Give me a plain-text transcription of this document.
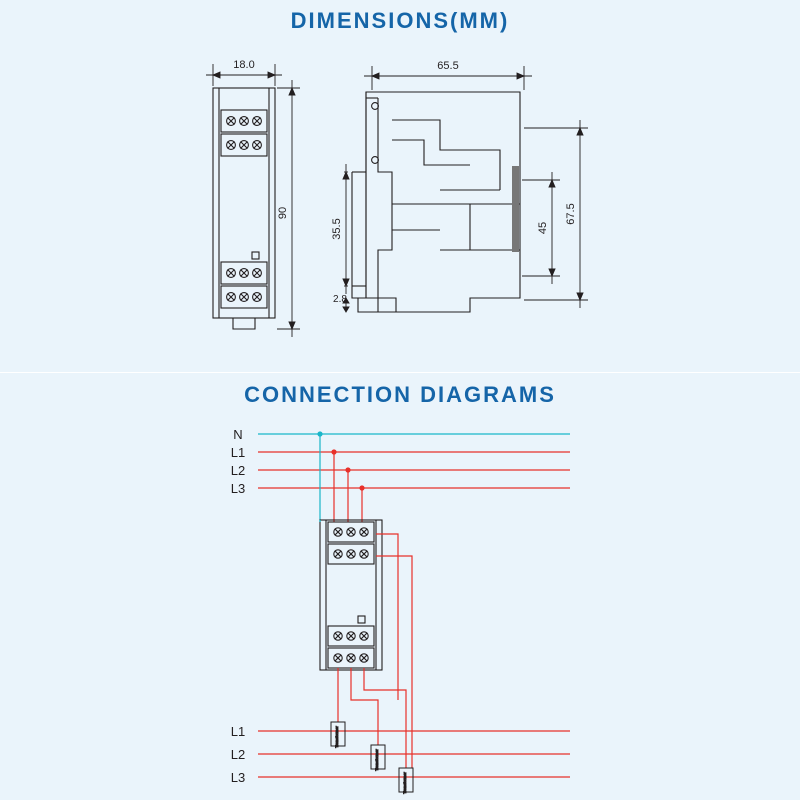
DIMENSIONS(MM)
CONNECTION DIAGRAMS
18.0
90
65.5
35.5
2.8
45
67.5
N
L1
L2
L3
L1
L2
L3
Transformer
Transformer
Transformer
